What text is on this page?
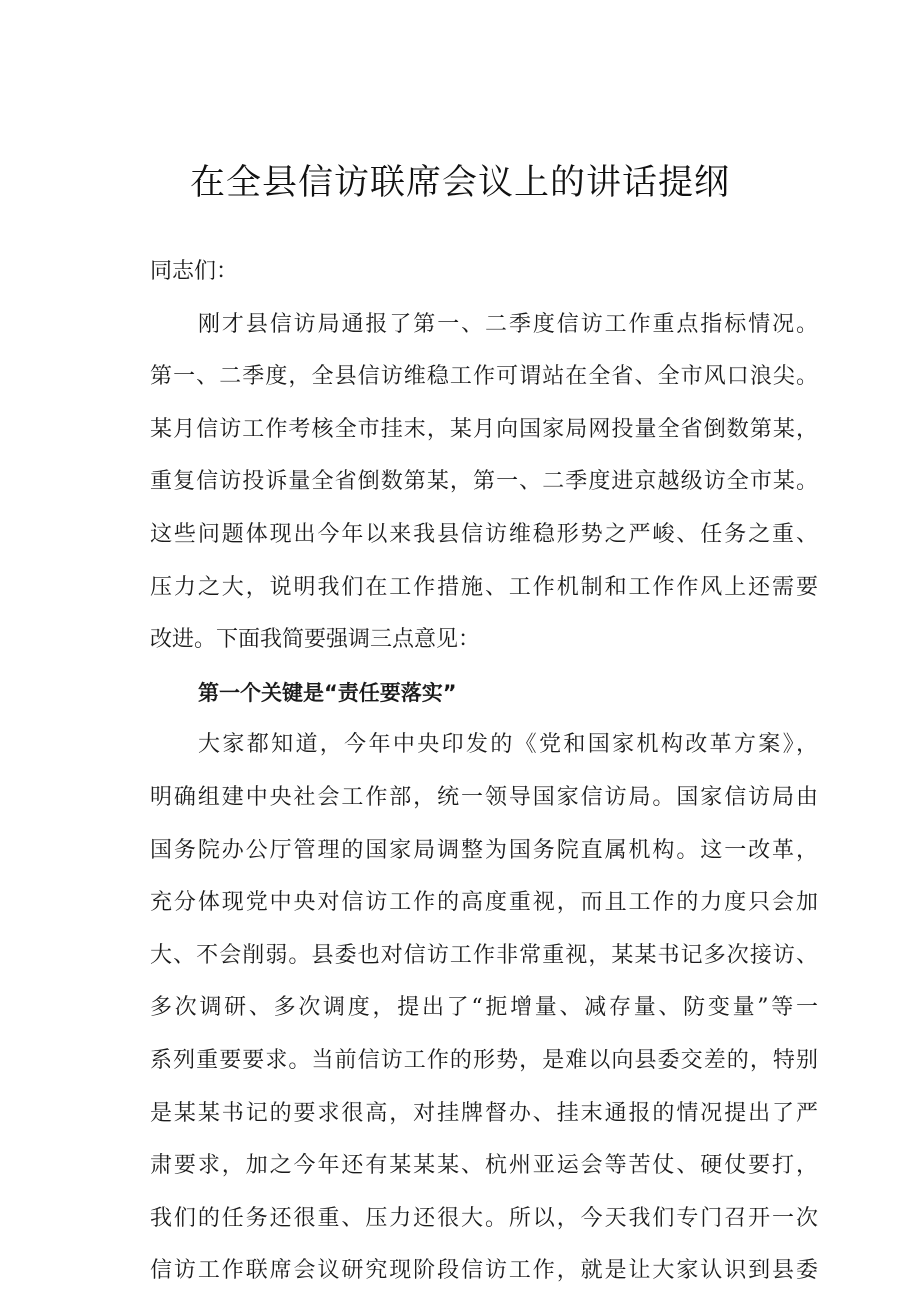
在全县信访联席会议上的讲话提纲
同志们：
刚才县信访局通报了第一、二季度信访工作重点指标情况。
第一、二季度，全县信访维稳工作可谓站在全省、全市风口浪尖。
某月信访工作考核全市挂末，某月向国家局网投量全省倒数第某，
重复信访投诉量全省倒数第某，第一、二季度进京越级访全市某。
这些问题体现出今年以来我县信访维稳形势之严峻、任务之重、
压力之大，说明我们在工作措施、工作机制和工作作风上还需要
改进。下面我简要强调三点意见：
第一个关键是“责任要落实”
大家都知道，今年中央印发的《党和国家机构改革方案》，
明确组建中央社会工作部，统一领导国家信访局。国家信访局由
国务院办公厅管理的国家局调整为国务院直属机构。这一改革，
充分体现党中央对信访工作的高度重视，而且工作的力度只会加
大、不会削弱。县委也对信访工作非常重视，某某书记多次接访、
多次调研、多次调度，提出了“扼增量、减存量、防变量”等一
系列重要要求。当前信访工作的形势，是难以向县委交差的，特别
是某某书记的要求很高，对挂牌督办、挂末通报的情况提出了严
肃要求，加之今年还有某某某、杭州亚运会等苦仗、硬仗要打，
我们的任务还很重、压力还很大。所以，今天我们专门召开一次
信访工作联席会议研究现阶段信访工作，就是让大家认识到县委
